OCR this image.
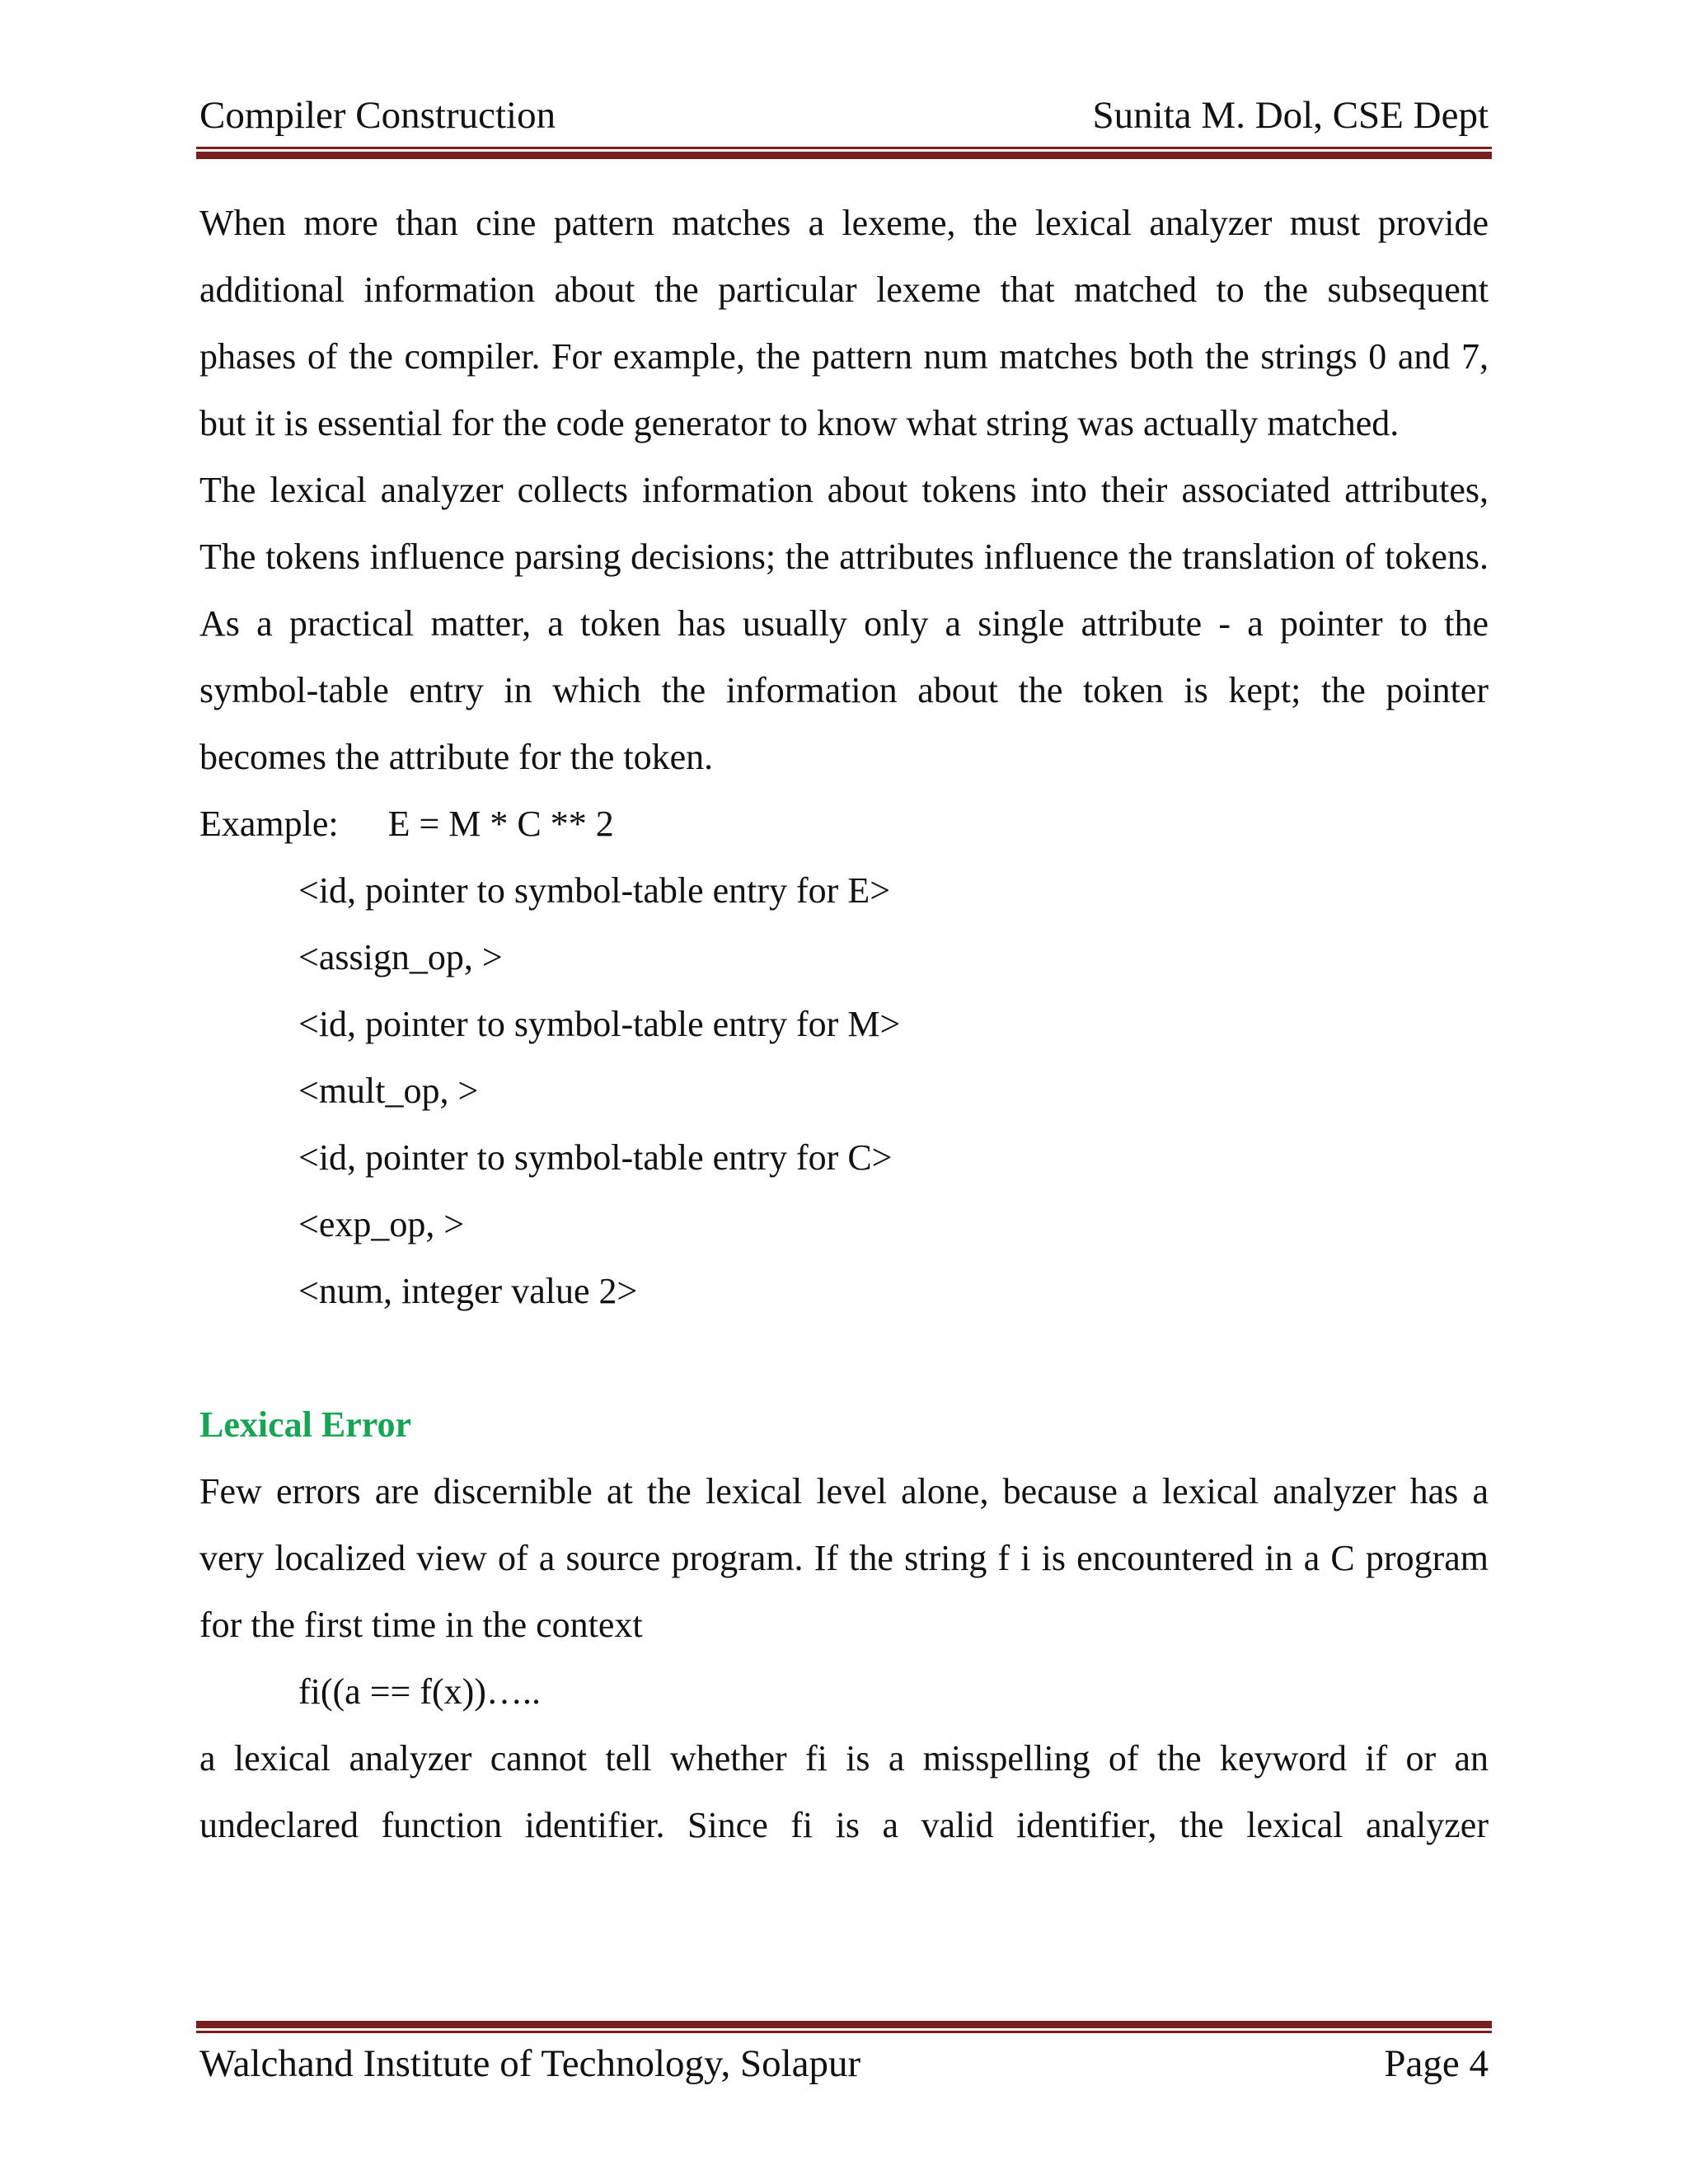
Compiler Construction	Sunita M. Dol, CSE Dept

When more than cine pattern matches a lexeme, the lexical analyzer must provide additional information about the particular lexeme that matched to the subsequent phases of the compiler. For example, the pattern num matches both the strings 0 and 7, but it is essential for the code generator to know what string was actually matched.

The lexical analyzer collects information about tokens into their associated attributes, The tokens influence parsing decisions; the attributes influence the translation of tokens. As a practical matter, a token has usually only a single attribute - a pointer to the symbol-table entry in which the information about the token is kept; the pointer becomes the attribute for the token.

Example: E = M * C ** 2

<id, pointer to symbol-table entry for E>

<assign_op, >

<id, pointer to symbol-table entry for M>

<mult_op, >

<id, pointer to symbol-table entry for C>

<exp_op, >

<num, integer value 2>

Lexical Error

Few errors are discernible at the lexical level alone, because a lexical analyzer has a very localized view of a source program. If the string f i is encountered in a C program for the first time in the context

fi((a == f(x))…..

a lexical analyzer cannot tell whether fi is a misspelling of the keyword if or an undeclared function identifier. Since fi is a valid identifier, the lexical analyzer

Walchand Institute of Technology, Solapur	Page 4
